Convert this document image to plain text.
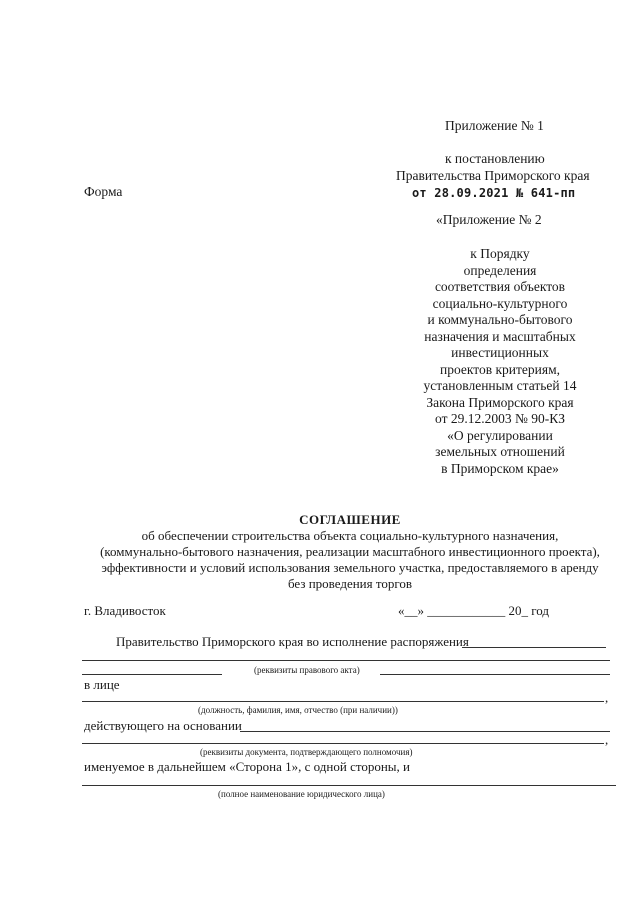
Приложение № 1
к постановлению
Правительства Приморского края
от 28.09.2021 № 641-пп
Форма
«Приложение № 2
к Порядку
определения
соответствия объектов
социально-культурного
и коммунально-бытового
назначения и масштабных
инвестиционных
проектов критериям,
установленным статьей 14
Закона Приморского края
от 29.12.2003 № 90-КЗ
«О регулировании
земельных отношений
в Приморском крае»
СОГЛАШЕНИЕ
об обеспечении строительства объекта социально-культурного назначения,
(коммунально-бытового назначения, реализации масштабного инвестиционного проекта),
эффективности и условий использования земельного участка, предоставляемого в аренду
без проведения торгов
г. Владивосток	«__» ____________ 20_ год
Правительство Приморского края во исполнение распоряжения
(реквизиты правового акта)
в лице
,
(должность, фамилия, имя, отчество (при наличии))
действующего на основании
,
(реквизиты документа, подтверждающего полномочия)
именуемое в дальнейшем «Сторона 1», с одной стороны, и
(полное наименование юридического лица)
